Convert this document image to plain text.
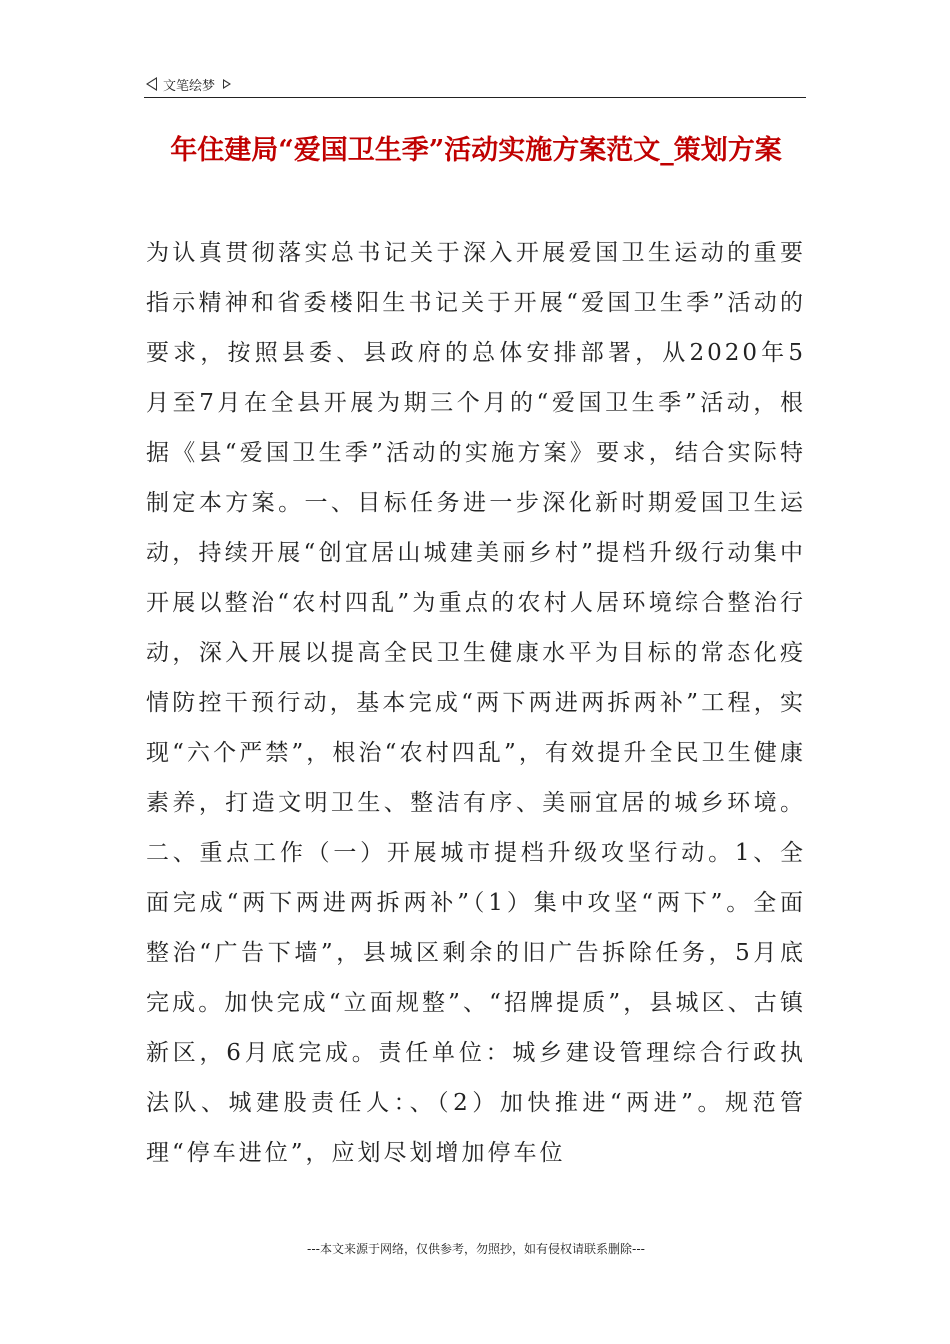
文笔绘梦
年住建局“爱国卫生季”活动实施方案范文_策划方案

为认真贯彻落实总书记关于深入开展爱国卫生运动的重要指示精神和省委楼阳生书记关于开展“爱国卫生季”活动的要求，按照县委、县政府的总体安排部署，从2020年5月至7月在全县开展为期三个月的“爱国卫生季”活动，根据《县“爱国卫生季”活动的实施方案》要求，结合实际特制定本方案。一、目标任务进一步深化新时期爱国卫生运动，持续开展“创宜居山城建美丽乡村”提档升级行动集中开展以整治“农村四乱”为重点的农村人居环境综合整治行动，深入开展以提高全民卫生健康水平为目标的常态化疫情防控干预行动，基本完成“两下两进两拆两补”工程，实现“六个严禁”，根治“农村四乱”，有效提升全民卫生健康素养，打造文明卫生、整洁有序、美丽宜居的城乡环境。二、重点工作（一）开展城市提档升级攻坚行动。1、全面完成“两下两进两拆两补”（1）集中攻坚“两下”。全面整治“广告下墙”，县城区剩余的旧广告拆除任务，5月底完成。加快完成“立面规整”、“招牌提质”，县城区、古镇新区，6月底完成。责任单位：城乡建设管理综合行政执法队、城建股责任人：、（2）加快推进“两进”。规范管理“停车进位”，应划尽划增加停车位

---本文来源于网络，仅供参考，勿照抄，如有侵权请联系删除---
